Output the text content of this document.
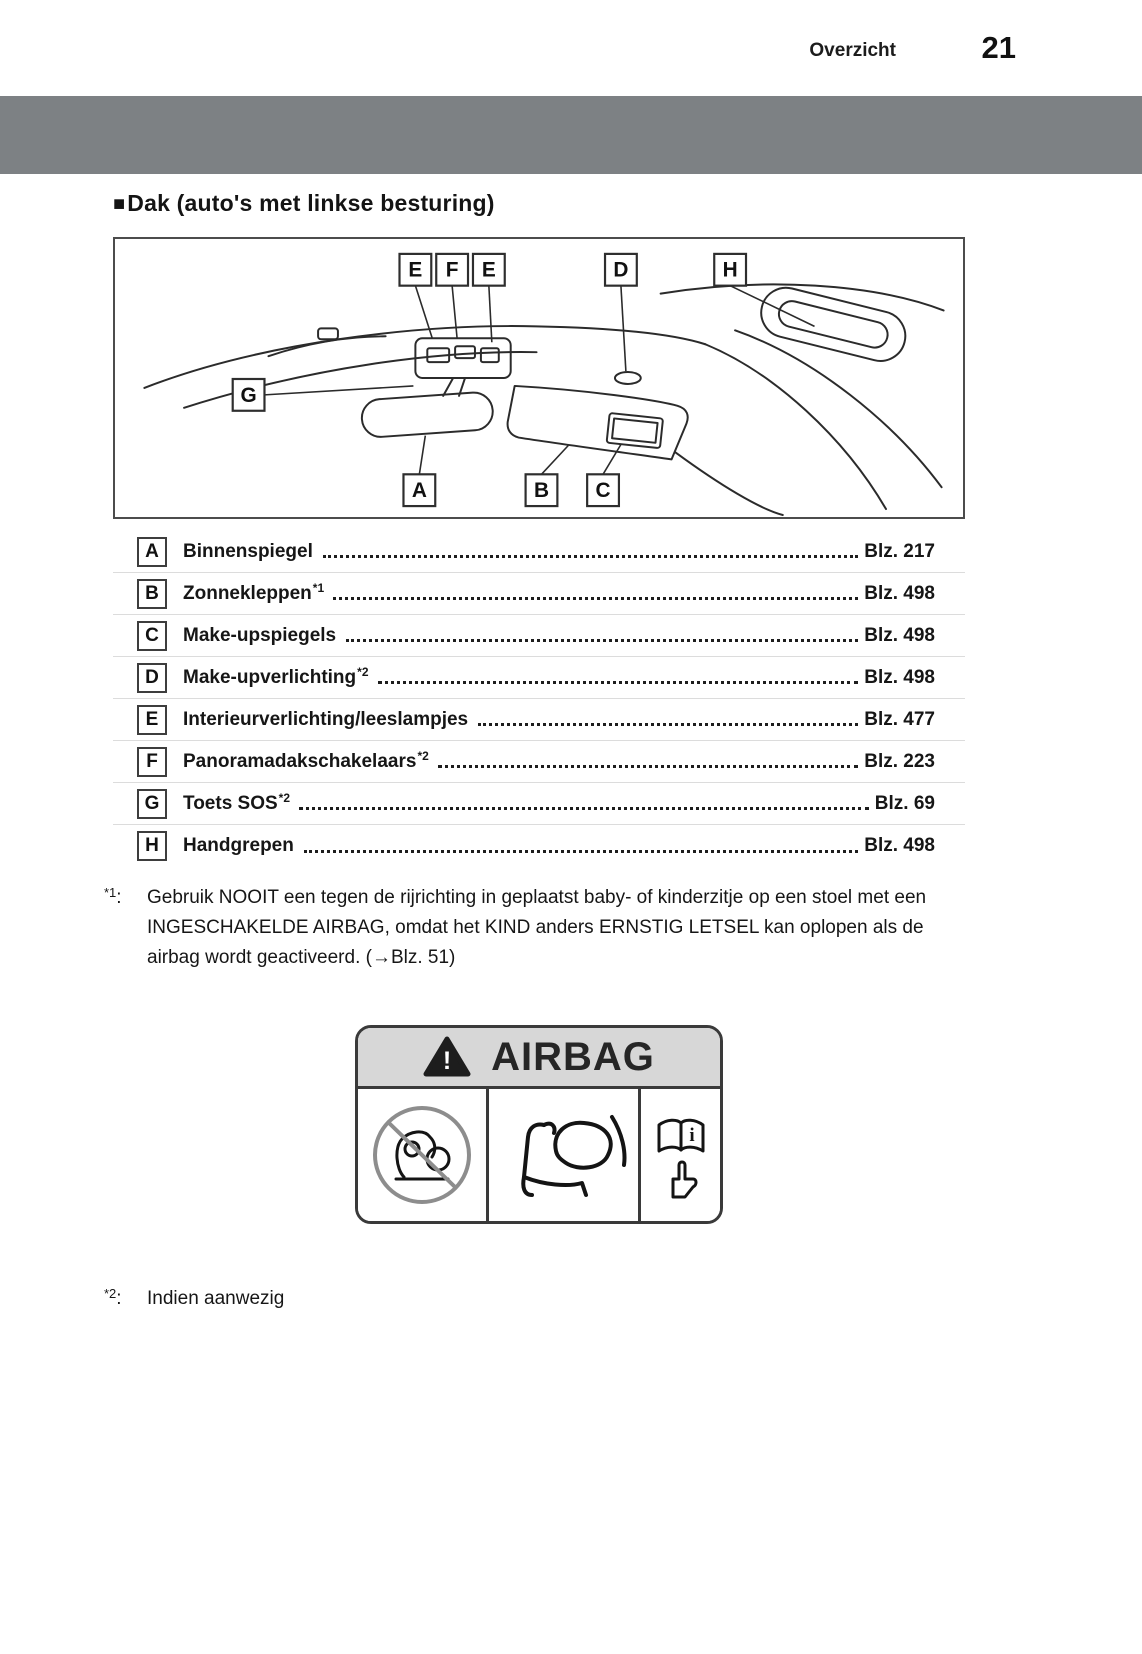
Overzicht	21
■Dak (auto's met linkse besturing)
E F E	D	H
G
A	B C
A	Binnenspiegel	Blz. 217
B	Zonnekleppen$^{*1}$	Blz. 498
C	Make-upspiegels	Blz. 498
D	Make-upverlichting$^{*2}$	Blz. 498
E	Interieurverlichting/leeslampjes	Blz. 477
F	Panoramadakschakelaars$^{*2}$	Blz. 223
G	Toets SOS$^{*2}$	Blz. 69
H	Handgrepen	Blz. 498
$^{*1}$: Gebruik NOOIT een tegen de rijrichting in geplaatst baby- of kinderzitje op een stoel met een INGESCHAKELDE AIRBAG, omdat het KIND anders ERNSTIG LETSEL kan oplopen als de airbag wordt geactiveerd. (→Blz. 51)
! AIRBAG
i
$^{*2}$: Indien aanwezig
